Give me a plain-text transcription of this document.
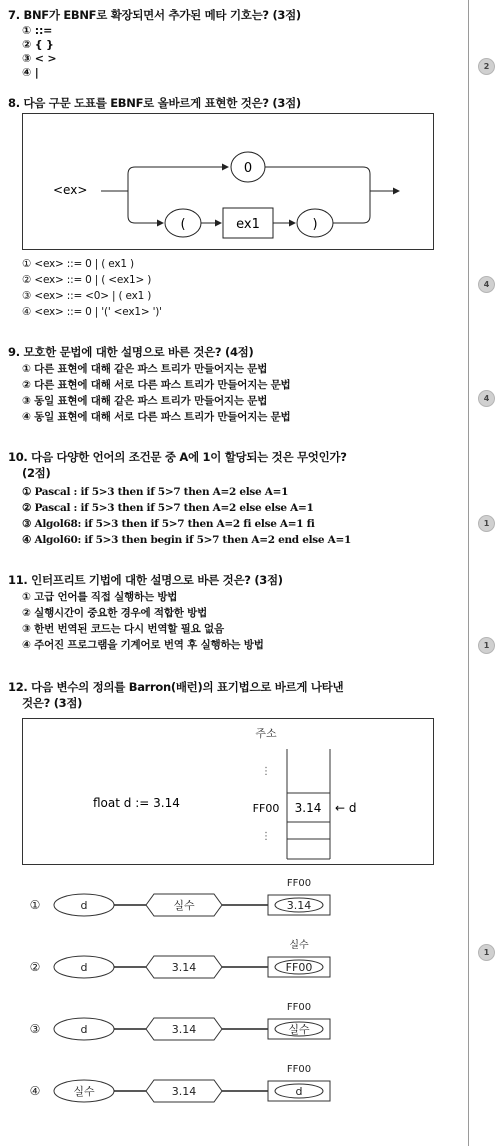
7. BNF가 EBNF로 확장되면서 추가된 메타 기호는? (3점)
① ::=
② { }
③ < >
④ |
8. 다음 구문 도표를 EBNF로 올바르게 표현한 것은? (3점)
<ex>
0
(	ex1	)
① <ex> ::= 0 | ( ex1 )
② <ex> ::= 0 | ( <ex1> )
③ <ex> ::= <0> | ( ex1 )
④ <ex> ::= 0 | '(' <ex1> ')'
9. 모호한 문법에 대한 설명으로 바른 것은? (4점)
① 다른 표현에 대해 같은 파스 트리가 만들어지는 문법
② 다른 표현에 대해 서로 다른 파스 트리가 만들어지는 문법
③ 동일 표현에 대해 같은 파스 트리가 만들어지는 문법
④ 동일 표현에 대해 서로 다른 파스 트리가 만들어지는 문법
10. 다음 다양한 언어의 조건문 중 A에 1이 할당되는 것은 무엇인가?
(2점)
① Pascal : if 5>3 then if 5>7 then A=2 else A=1
② Pascal : if 5>3 then if 5>7 then A=2 else else A=1
③ Algol68: if 5>3 then if 5>7 then A=2 fi else A=1 fi
④ Algol60: if 5>3 then begin if 5>7 then A=2 end else A=1
11. 인터프리트 기법에 대한 설명으로 바른 것은? (3점)
① 고급 언어를 직접 실행하는 방법
② 실행시간이 중요한 경우에 적합한 방법
③ 한번 번역된 코드는 다시 번역할 필요 없음
④ 주어진 프로그램을 기계어로 번역 후 실행하는 방법
12. 다음 변수의 정의를 Barron(배런)의 표기법으로 바르게 나타낸
것은? (3점)
float d := 3.14
주소
⋮
FF00
⋮
3.14 ← d
①	d	실수
FF00
3.14
②	d	3.14
실수
FF00
③	d	3.14
FF00
실수
④	실수	3.14
FF00
d
2
4
4
1
1
1
